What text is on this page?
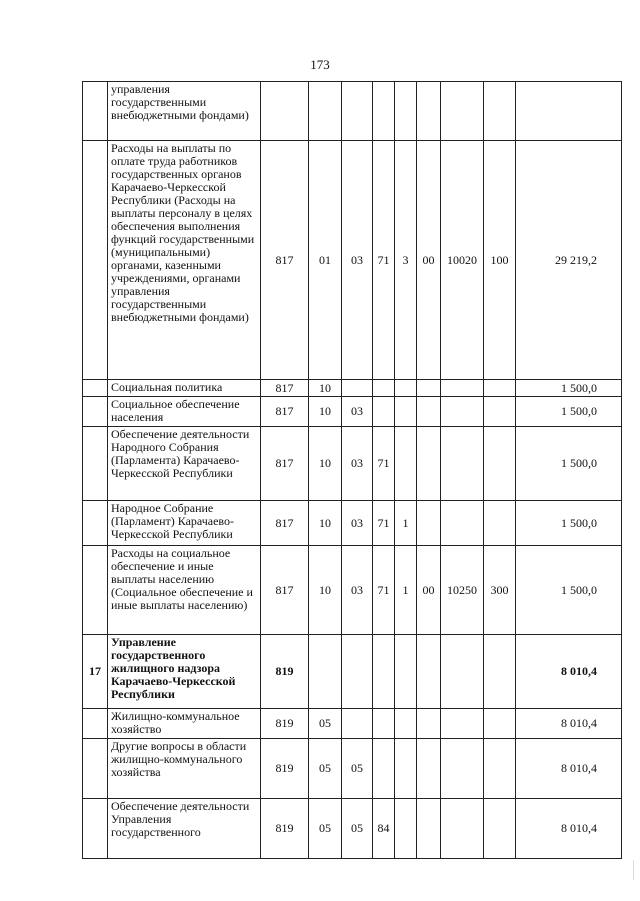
173
	управления государственными внебюджетными фондами)									
	Расходы на выплаты по оплате труда работников государственных органов Карачаево-Черкесской Республики (Расходы на выплаты персоналу в целях обеспечения выполнения функций государственными (муниципальными) органами, казенными учреждениями, органами управления государственными внебюджетными фондами)	817	01	03	71	3	00	10020	100	29 219,2
	Социальная политика	817	10							1 500,0
	Социальное обеспечение населения	817	10	03						1 500,0
	Обеспечение деятельности Народного Собрания (Парламента) Карачаево-Черкесской Республики	817	10	03	71					1 500,0
	Народное Собрание (Парламент) Карачаево-Черкесской Республики	817	10	03	71	1				1 500,0
	Расходы на социальное обеспечение и иные выплаты населению (Социальное обеспечение и иные выплаты населению)	817	10	03	71	1	00	10250	300	1 500,0
17	Управление государственного жилищного надзора Карачаево-Черкесской Республики	819								8 010,4
	Жилищно-коммунальное хозяйство	819	05							8 010,4
	Другие вопросы в области жилищно-коммунального хозяйства	819	05	05						8 010,4
	Обеспечение деятельности Управления государственного	819	05	05	84					8 010,4
